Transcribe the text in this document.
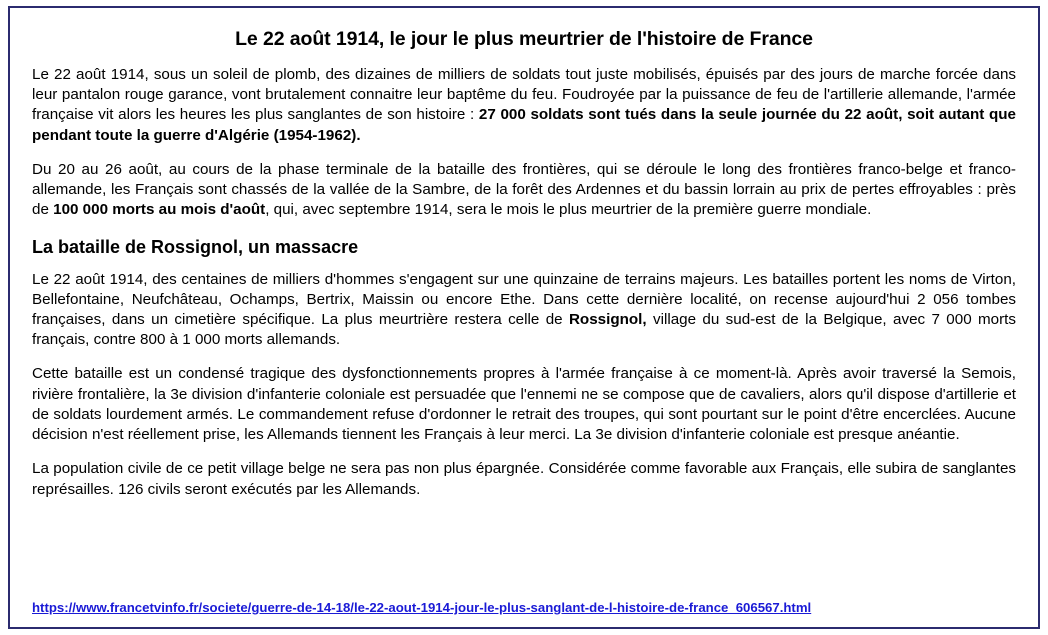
Le 22 août 1914, le jour le plus meurtrier de l'histoire de France

Le 22 août 1914, sous un soleil de plomb, des dizaines de milliers de soldats tout juste mobilisés, épuisés par des jours de marche forcée dans leur pantalon rouge garance, vont brutalement connaitre leur baptême du feu. Foudroyée par la puissance de feu de l'artillerie allemande, l'armée française vit alors les heures les plus sanglantes de son histoire : 27 000 soldats sont tués dans la seule journée du 22 août, soit autant que pendant toute la guerre d'Algérie (1954-1962).

Du 20 au 26 août, au cours de la phase terminale de la bataille des frontières, qui se déroule le long des frontières franco-belge et franco-allemande, les Français sont chassés de la vallée de la Sambre, de la forêt des Ardennes et du bassin lorrain au prix de pertes effroyables : près de 100 000 morts au mois d'août, qui, avec septembre 1914, sera le mois le plus meurtrier de la première guerre mondiale.

La bataille de Rossignol, un massacre

Le 22 août 1914, des centaines de milliers d'hommes s'engagent sur une quinzaine de terrains majeurs. Les batailles portent les noms de Virton, Bellefontaine, Neufchâteau, Ochamps, Bertrix, Maissin ou encore Ethe. Dans cette dernière localité, on recense aujourd'hui 2 056 tombes françaises, dans un cimetière spécifique. La plus meurtrière restera celle de Rossignol, village du sud-est de la Belgique, avec 7 000 morts français, contre 800 à 1 000 morts allemands.

Cette bataille est un condensé tragique des dysfonctionnements propres à l'armée française à ce moment-là. Après avoir traversé la Semois, rivière frontalière, la 3e division d'infanterie coloniale est persuadée que l'ennemi ne se compose que de cavaliers, alors qu'il dispose d'artillerie et de soldats lourdement armés. Le commandement refuse d'ordonner le retrait des troupes, qui sont pourtant sur le point d'être encerclées. Aucune décision n'est réellement prise, les Allemands tiennent les Français à leur merci. La 3e division d'infanterie coloniale est presque anéantie.

La population civile de ce petit village belge ne sera pas non plus épargnée. Considérée comme favorable aux Français, elle subira de sanglantes représailles. 126 civils seront exécutés par les Allemands.

https://www.francetvinfo.fr/societe/guerre-de-14-18/le-22-aout-1914-jour-le-plus-sanglant-de-l-histoire-de-france_606567.html
